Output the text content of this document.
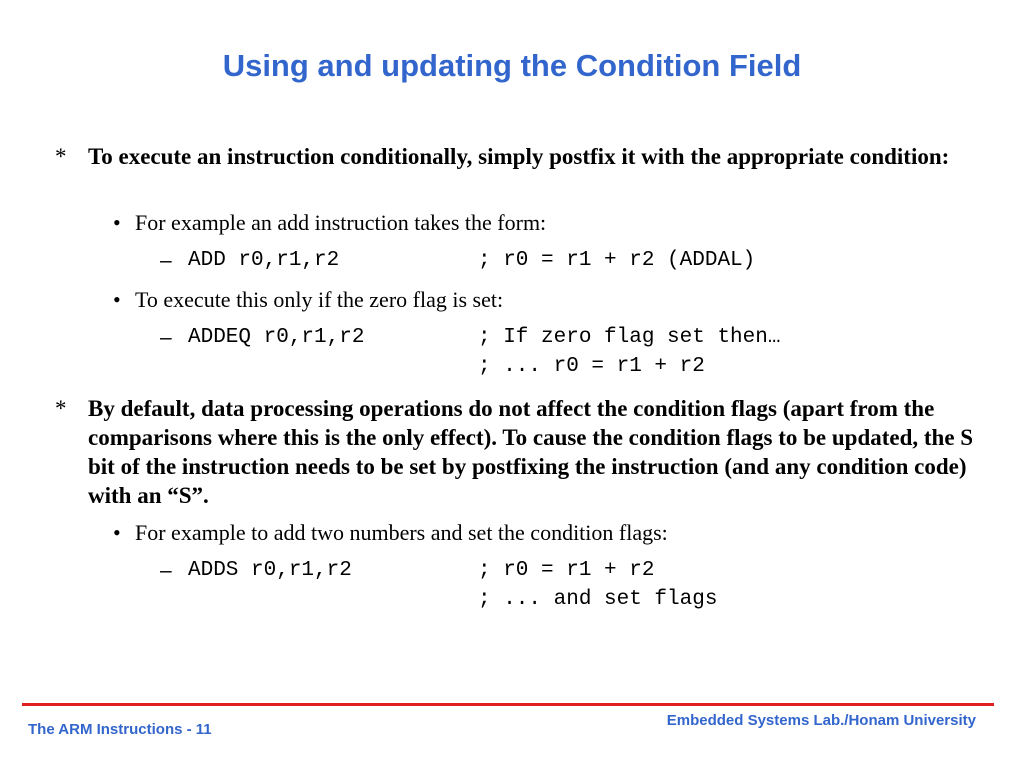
Using and updating the Condition Field
* To execute an instruction conditionally, simply postfix it with the appropriate condition:
• For example an add instruction takes the form:
– ADD r0,r1,r2	; r0 = r1 + r2 (ADDAL)
• To execute this only if the zero flag is set:
– ADDEQ r0,r1,r2	; If zero flag set then…
; ... r0 = r1 + r2
* By default, data processing operations do not affect the condition flags (apart from the comparisons where this is the only effect). To cause the condition flags to be updated, the S bit of the instruction needs to be set by postfixing the instruction (and any condition code) with an “S”.
• For example to add two numbers and set the condition flags:
– ADDS r0,r1,r2	; r0 = r1 + r2
; ... and set flags
The ARM Instructions - 11
Embedded Systems Lab./Honam University
